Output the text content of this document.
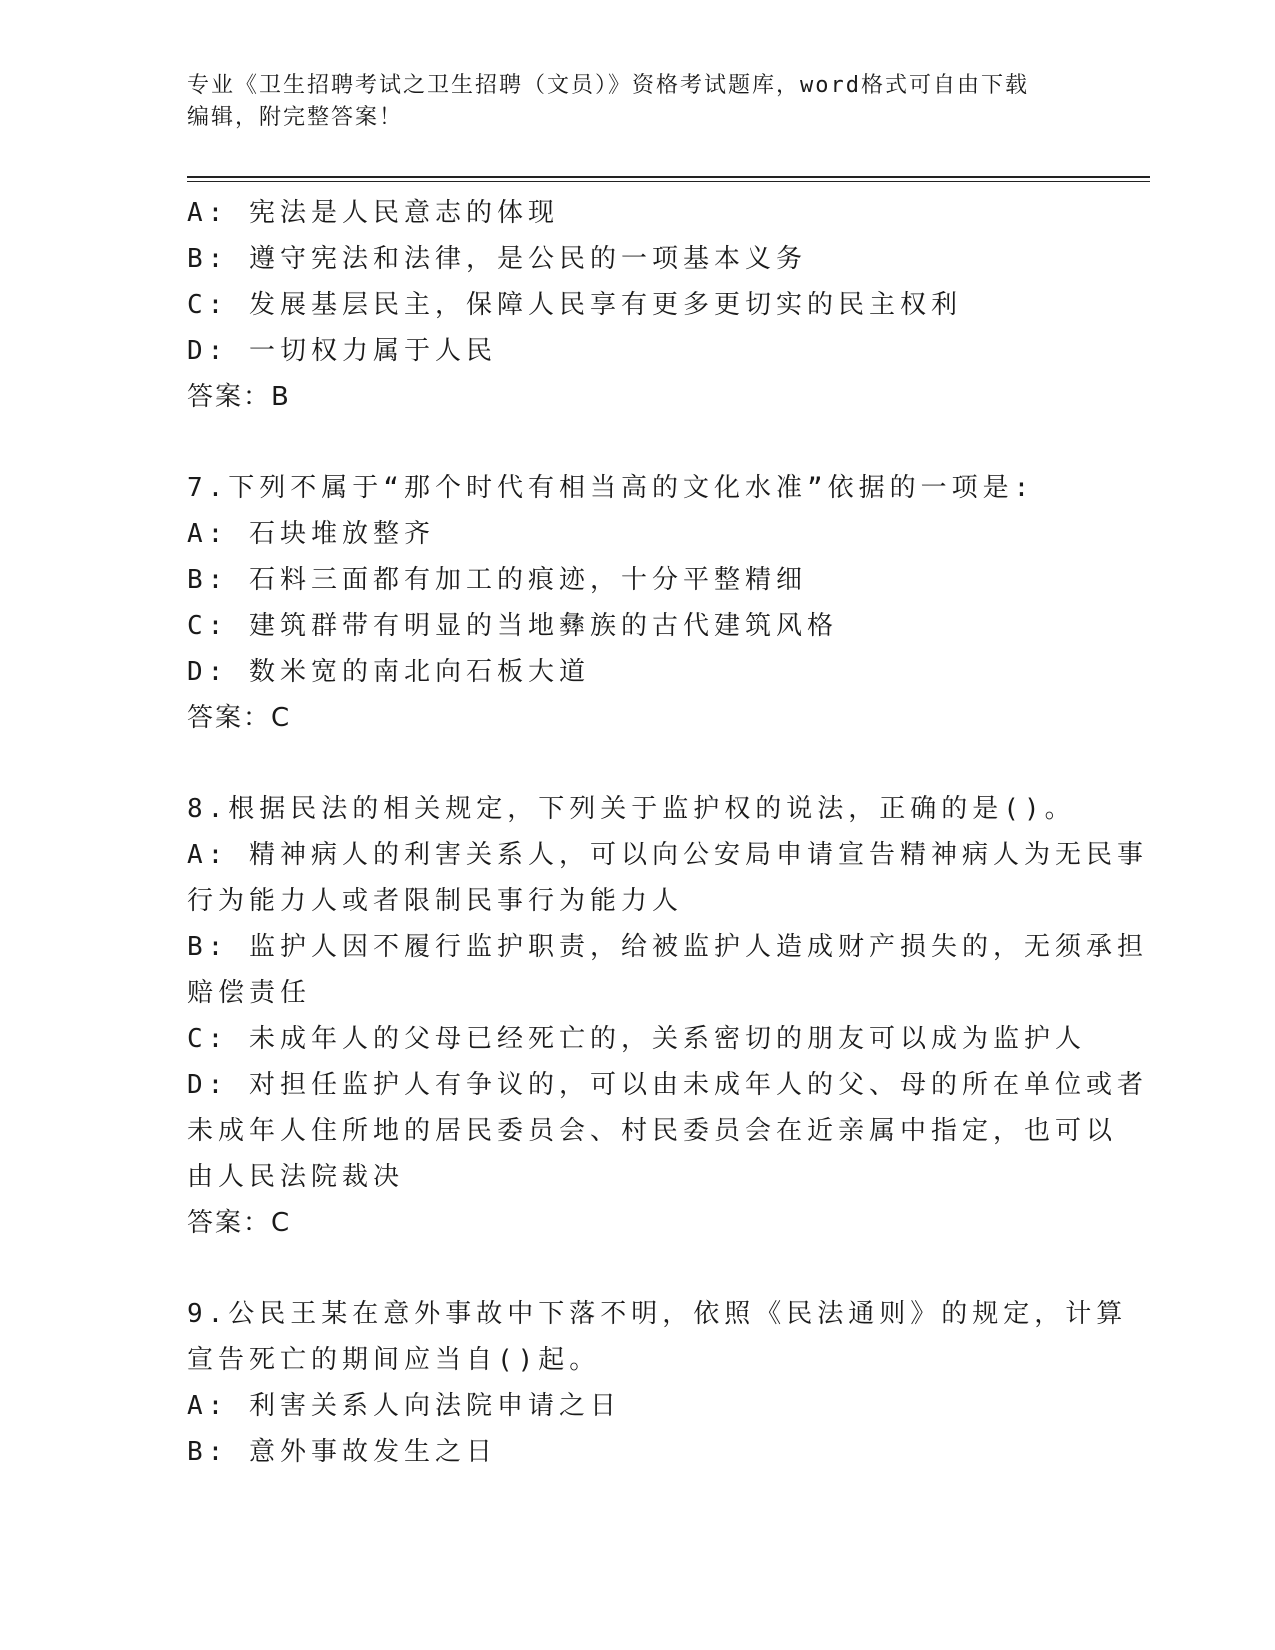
专业《卫生招聘考试之卫生招聘（文员）》资格考试题库，word格式可自由下载
编辑，附完整答案！
A: 宪法是人民意志的体现
B: 遵守宪法和法律，是公民的一项基本义务
C: 发展基层民主，保障人民享有更多更切实的民主权利
D: 一切权力属于人民
答案：B
7.下列不属于“那个时代有相当高的文化水准”依据的一项是:
A: 石块堆放整齐
B: 石料三面都有加工的痕迹，十分平整精细
C: 建筑群带有明显的当地彝族的古代建筑风格
D: 数米宽的南北向石板大道
答案：C
8.根据民法的相关规定，下列关于监护权的说法，正确的是()。
A: 精神病人的利害关系人，可以向公安局申请宣告精神病人为无民事
行为能力人或者限制民事行为能力人
B: 监护人因不履行监护职责，给被监护人造成财产损失的，无须承担
赔偿责任
C: 未成年人的父母已经死亡的，关系密切的朋友可以成为监护人
D: 对担任监护人有争议的，可以由未成年人的父、母的所在单位或者
未成年人住所地的居民委员会、村民委员会在近亲属中指定，也可以
由人民法院裁决
答案：C
9.公民王某在意外事故中下落不明，依照《民法通则》的规定，计算
宣告死亡的期间应当自()起。
A: 利害关系人向法院申请之日
B: 意外事故发生之日
